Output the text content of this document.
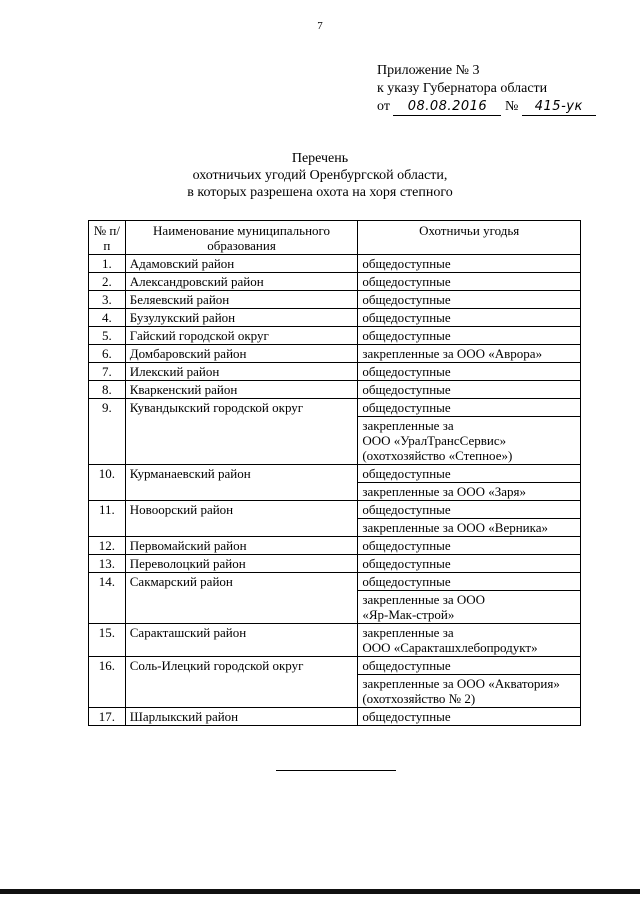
7
Приложение № 3
к указу Губернатора области
от 08.08.2016 № 415-ук
Перечень
охотничьих угодий Оренбургской области,
в которых разрешена охота на хоря степного
№ п/п	Наименование муниципального образования	Охотничьи угодья
1.	Адамовский район	общедоступные

2.	Александровский район	общедоступные

3.	Беляевский район	общедоступные

4.	Бузулукский район	общедоступные

5.	Гайский городской округ	общедоступные

6.	Домбаровский район	закрепленные за ООО «Аврора»

7.	Илекский район	общедоступные

8.	Кваркенский район	общедоступные

9.	Кувандыкский городской округ	общедоступные

		закрепленные за
ООО «УралТрансСервис»
(охотхозяйство «Степное»)

10.	Курманаевский район	общедоступные

		закрепленные за ООО «Заря»

11.	Новоорский район	общедоступные

		закрепленные за ООО «Верника»

12.	Первомайский район	общедоступные

13.	Переволоцкий район	общедоступные

14.	Сакмарский район	общедоступные

		закрепленные за ООО
«Яр-Мак-строй»

15.	Саракташский район	закрепленные за
ООО «Саракташхлебопродукт»

16.	Соль-Илецкий городской округ	общедоступные

		закрепленные за ООО «Акватория»
(охотхозяйство № 2)

17.	Шарлыкский район	общедоступные
